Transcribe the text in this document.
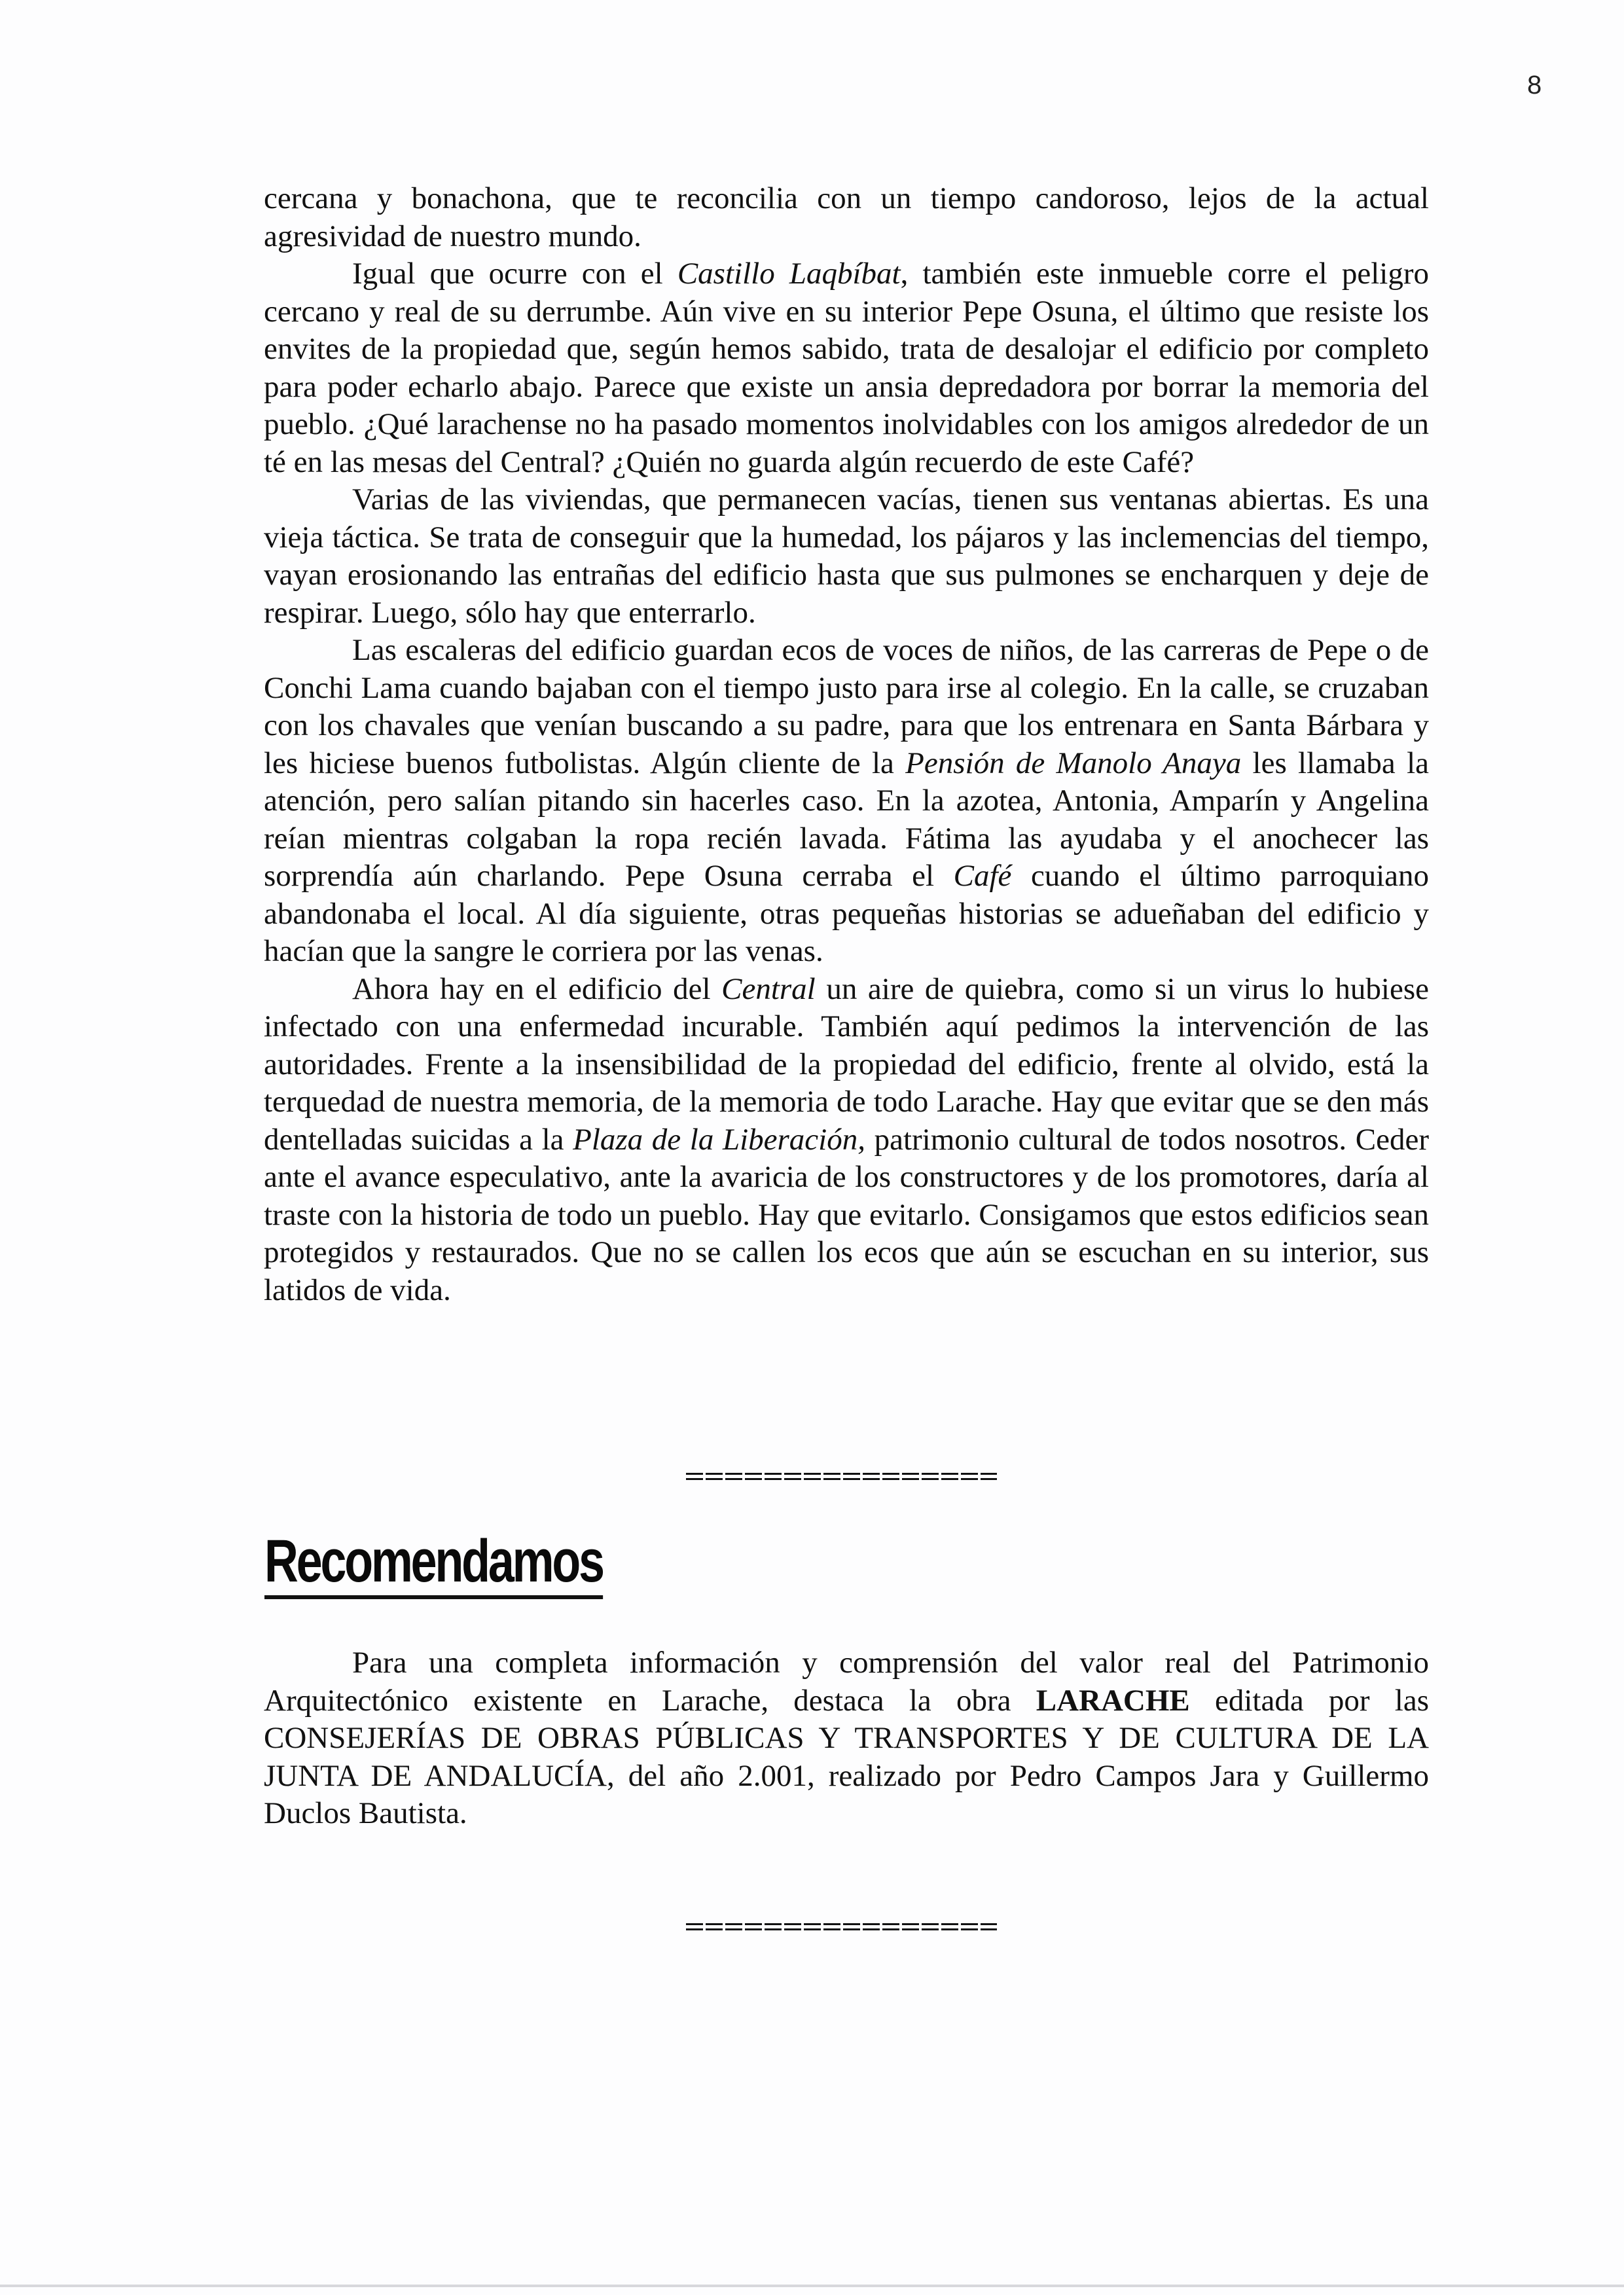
8

cercana y bonachona, que te reconcilia con un tiempo candoroso, lejos de la actual agresividad de nuestro mundo.

Igual que ocurre con el Castillo Laqbíbat, también este inmueble corre el peligro cercano y real de su derrumbe. Aún vive en su interior Pepe Osuna, el último que resiste los envites de la propiedad que, según hemos sabido, trata de desalojar el edificio por completo para poder echarlo abajo. Parece que existe un ansia depredadora por borrar la memoria del pueblo. ¿Qué larachense no ha pasado momentos inolvidables con los amigos alrededor de un té en las mesas del Central? ¿Quién no guarda algún recuerdo de este Café?

Varias de las viviendas, que permanecen vacías, tienen sus ventanas abiertas. Es una vieja táctica. Se trata de conseguir que la humedad, los pájaros y las inclemencias del tiempo, vayan erosionando las entrañas del edificio hasta que sus pulmones se encharquen y deje de respirar. Luego, sólo hay que enterrarlo.

Las escaleras del edificio guardan ecos de voces de niños, de las carreras de Pepe o de Conchi Lama cuando bajaban con el tiempo justo para irse al colegio. En la calle, se cruzaban con los chavales que venían buscando a su padre, para que los entrenara en Santa Bárbara y les hiciese buenos futbolistas. Algún cliente de la Pensión de Manolo Anaya les llamaba la atención, pero salían pitando sin hacerles caso. En la azotea, Antonia, Amparín y Angelina reían mientras colgaban la ropa recién lavada. Fátima las ayudaba y el anochecer las sorprendía aún charlando. Pepe Osuna cerraba el Café cuando el último parroquiano abandonaba el local. Al día siguiente, otras pequeñas historias se adueñaban del edificio y hacían que la sangre le corriera por las venas.

Ahora hay en el edificio del Central un aire de quiebra, como si un virus lo hubiese infectado con una enfermedad incurable. También aquí pedimos la intervención de las autoridades. Frente a la insensibilidad de la propiedad del edificio, frente al olvido, está la terquedad de nuestra memoria, de la memoria de todo Larache. Hay que evitar que se den más dentelladas suicidas a la Plaza de la Liberación, patrimonio cultural de todos nosotros. Ceder ante el avance especulativo, ante la avaricia de los constructores y de los promotores, daría al traste con la historia de todo un pueblo. Hay que evitarlo. Consigamos que estos edificios sean protegidos y restaurados. Que no se callen los ecos que aún se escuchan en su interior, sus latidos de vida.

Recomendamos

Para una completa información y comprensión del valor real del Patrimonio Arquitectónico existente en Larache, destaca la obra LARACHE editada por las CONSEJERÍAS DE OBRAS PÚBLICAS Y TRANSPORTES Y DE CULTURA DE LA JUNTA DE ANDALUCÍA, del año 2.001, realizado por Pedro Campos Jara y Guillermo Duclos Bautista.
